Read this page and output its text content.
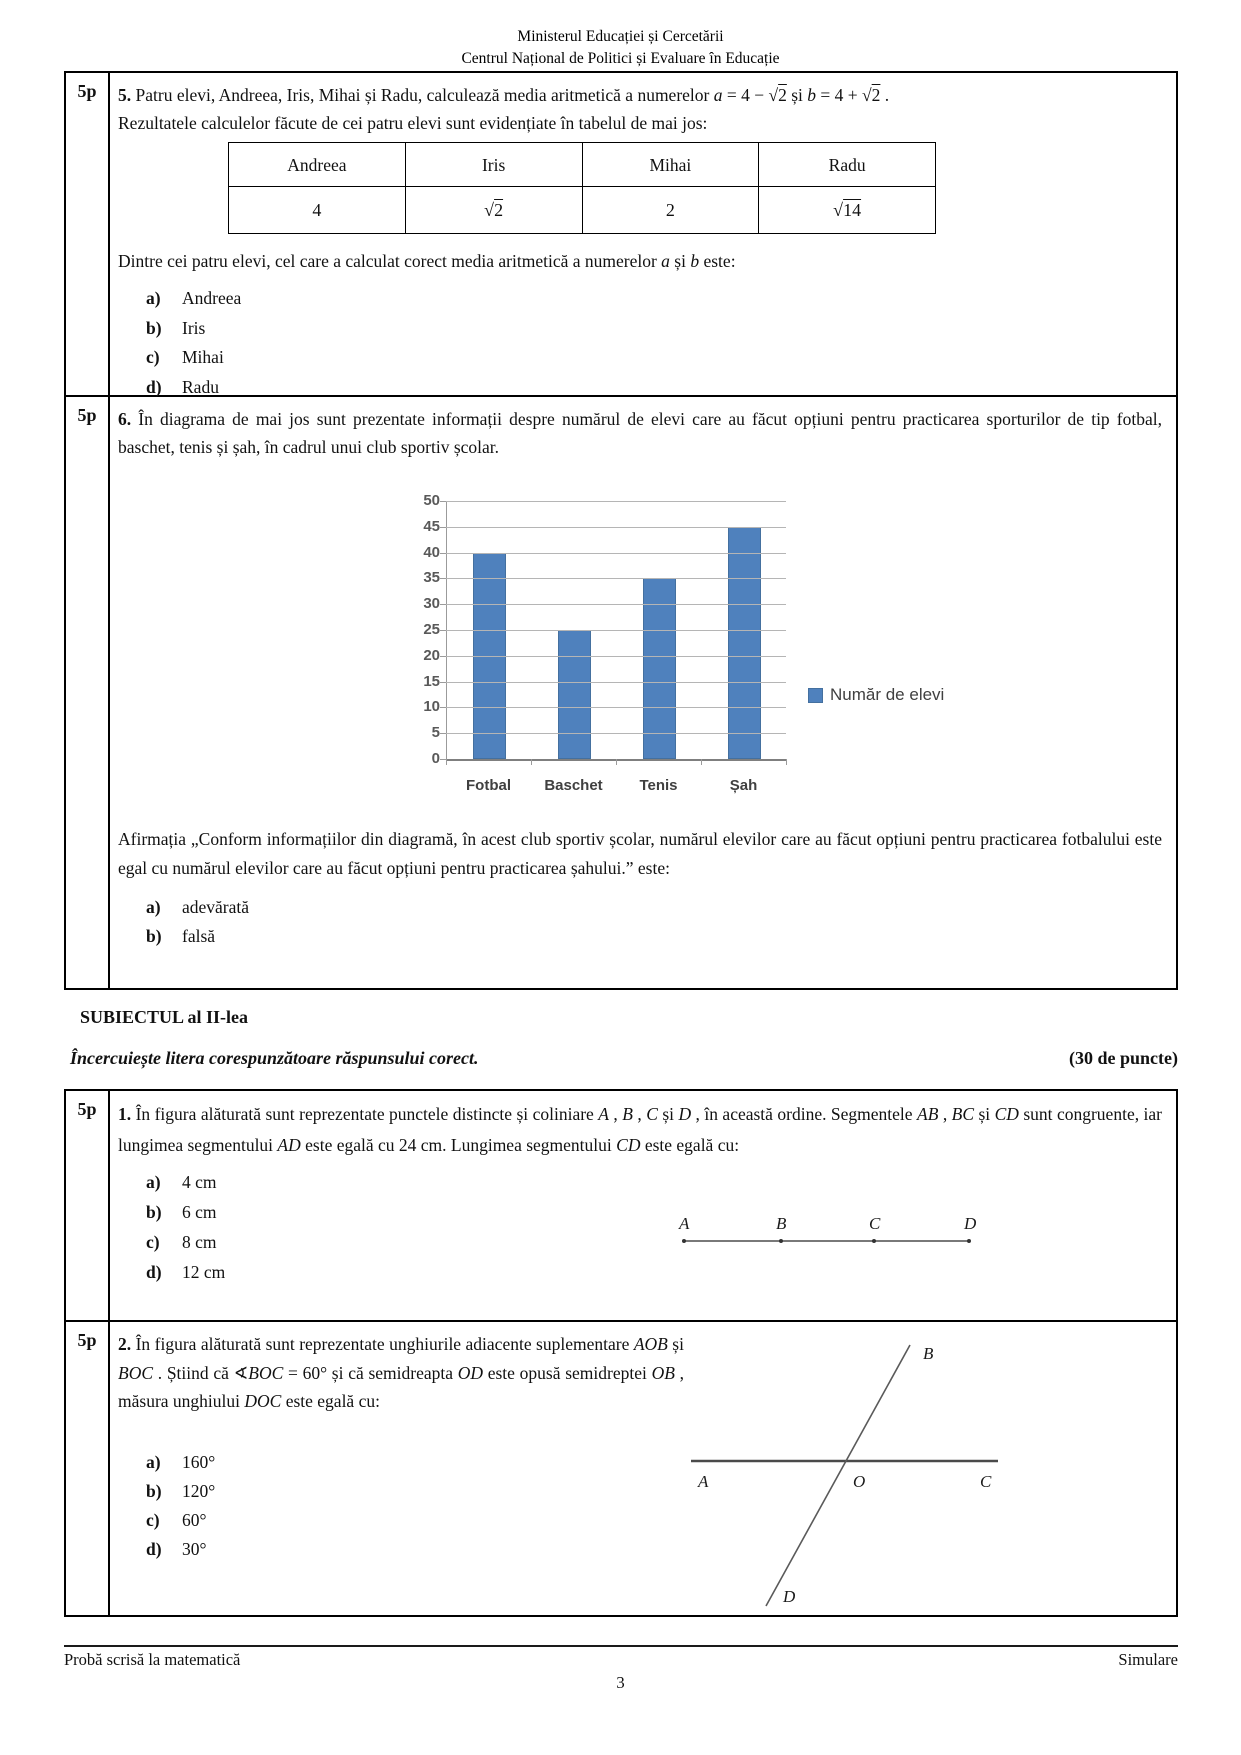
Ministerul Educației și Cercetării
Centrul Național de Politici și Evaluare în Educație
5p	5. Patru elevi, Andreea, Iris, Mihai și Radu, calculează media aritmetică a numerelor a = 4 − √2 și b = 4 + √2 .
Rezultatele calculelor făcute de cei patru elevi sunt evidențiate în tabelul de mai jos:
Andreea	Iris	Mihai	Radu
4	√2	2	√14
Dintre cei patru elevi, cel care a calculat corect media aritmetică a numerelor a și b este:
a) Andreea
b) Iris
c) Mihai
d) Radu
5p	6. În diagrama de mai jos sunt prezentate informații despre numărul de elevi care au făcut opțiuni pentru practicarea sporturilor de tip fotbal, baschet, tenis și șah, în cadrul unui club sportiv școlar.
Număr de elevi
0
5
10
15
20
25
30
35
40
45
50
Fotbal	Baschet	Tenis	Șah
Afirmația „Conform informațiilor din diagramă, în acest club sportiv școlar, numărul elevilor care au făcut opțiuni pentru practicarea fotbalului este egal cu numărul elevilor care au făcut opțiuni pentru practicarea șahului.” este:
a) adevărată
b) falsă
SUBIECTUL al II-lea
Încercuiește litera corespunzătoare răspunsului corect.	(30 de puncte)
5p	1. În figura alăturată sunt reprezentate punctele distincte și coliniare A , B , C și D , în această ordine. Segmentele AB , BC și CD sunt congruente, iar lungimea segmentului AD este egală cu 24 cm. Lungimea segmentului CD este egală cu:
a) 4 cm
b) 6 cm
c) 8 cm
d) 12 cm
A	B	C	D
5p	2. În figura alăturată sunt reprezentate unghiurile adiacente suplementare AOB și BOC . Știind că ∢BOC = 60° și că semidreapta OD este opusă semidreptei OB , măsura unghiului DOC este egală cu:
a) 160°
b) 120°
c) 60°
d) 30°
A	O	C
B
D
Probă scrisă la matematică	Simulare
3
